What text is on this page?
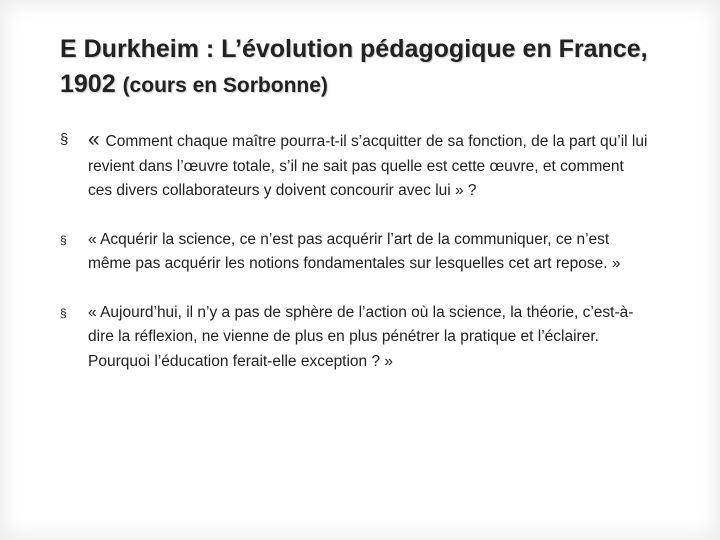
E Durkheim : L’évolution pédagogique en France, 1902 (cours en Sorbonne)
§ « Comment chaque maître pourra-t-il s’acquitter de sa fonction, de la part qu’il lui revient dans l’œuvre totale, s’il ne sait pas quelle est cette œuvre, et comment ces divers collaborateurs y doivent concourir avec lui » ?
§ « Acquérir la science, ce n’est pas acquérir l’art de la communiquer, ce n’est même pas acquérir les notions fondamentales sur lesquelles cet art repose. »
§ « Aujourd’hui, il n’y a pas de sphère de l’action où la science, la théorie, c’est-à-dire la réflexion, ne vienne de plus en plus pénétrer la pratique et l’éclairer. Pourquoi l’éducation ferait-elle exception ? »
